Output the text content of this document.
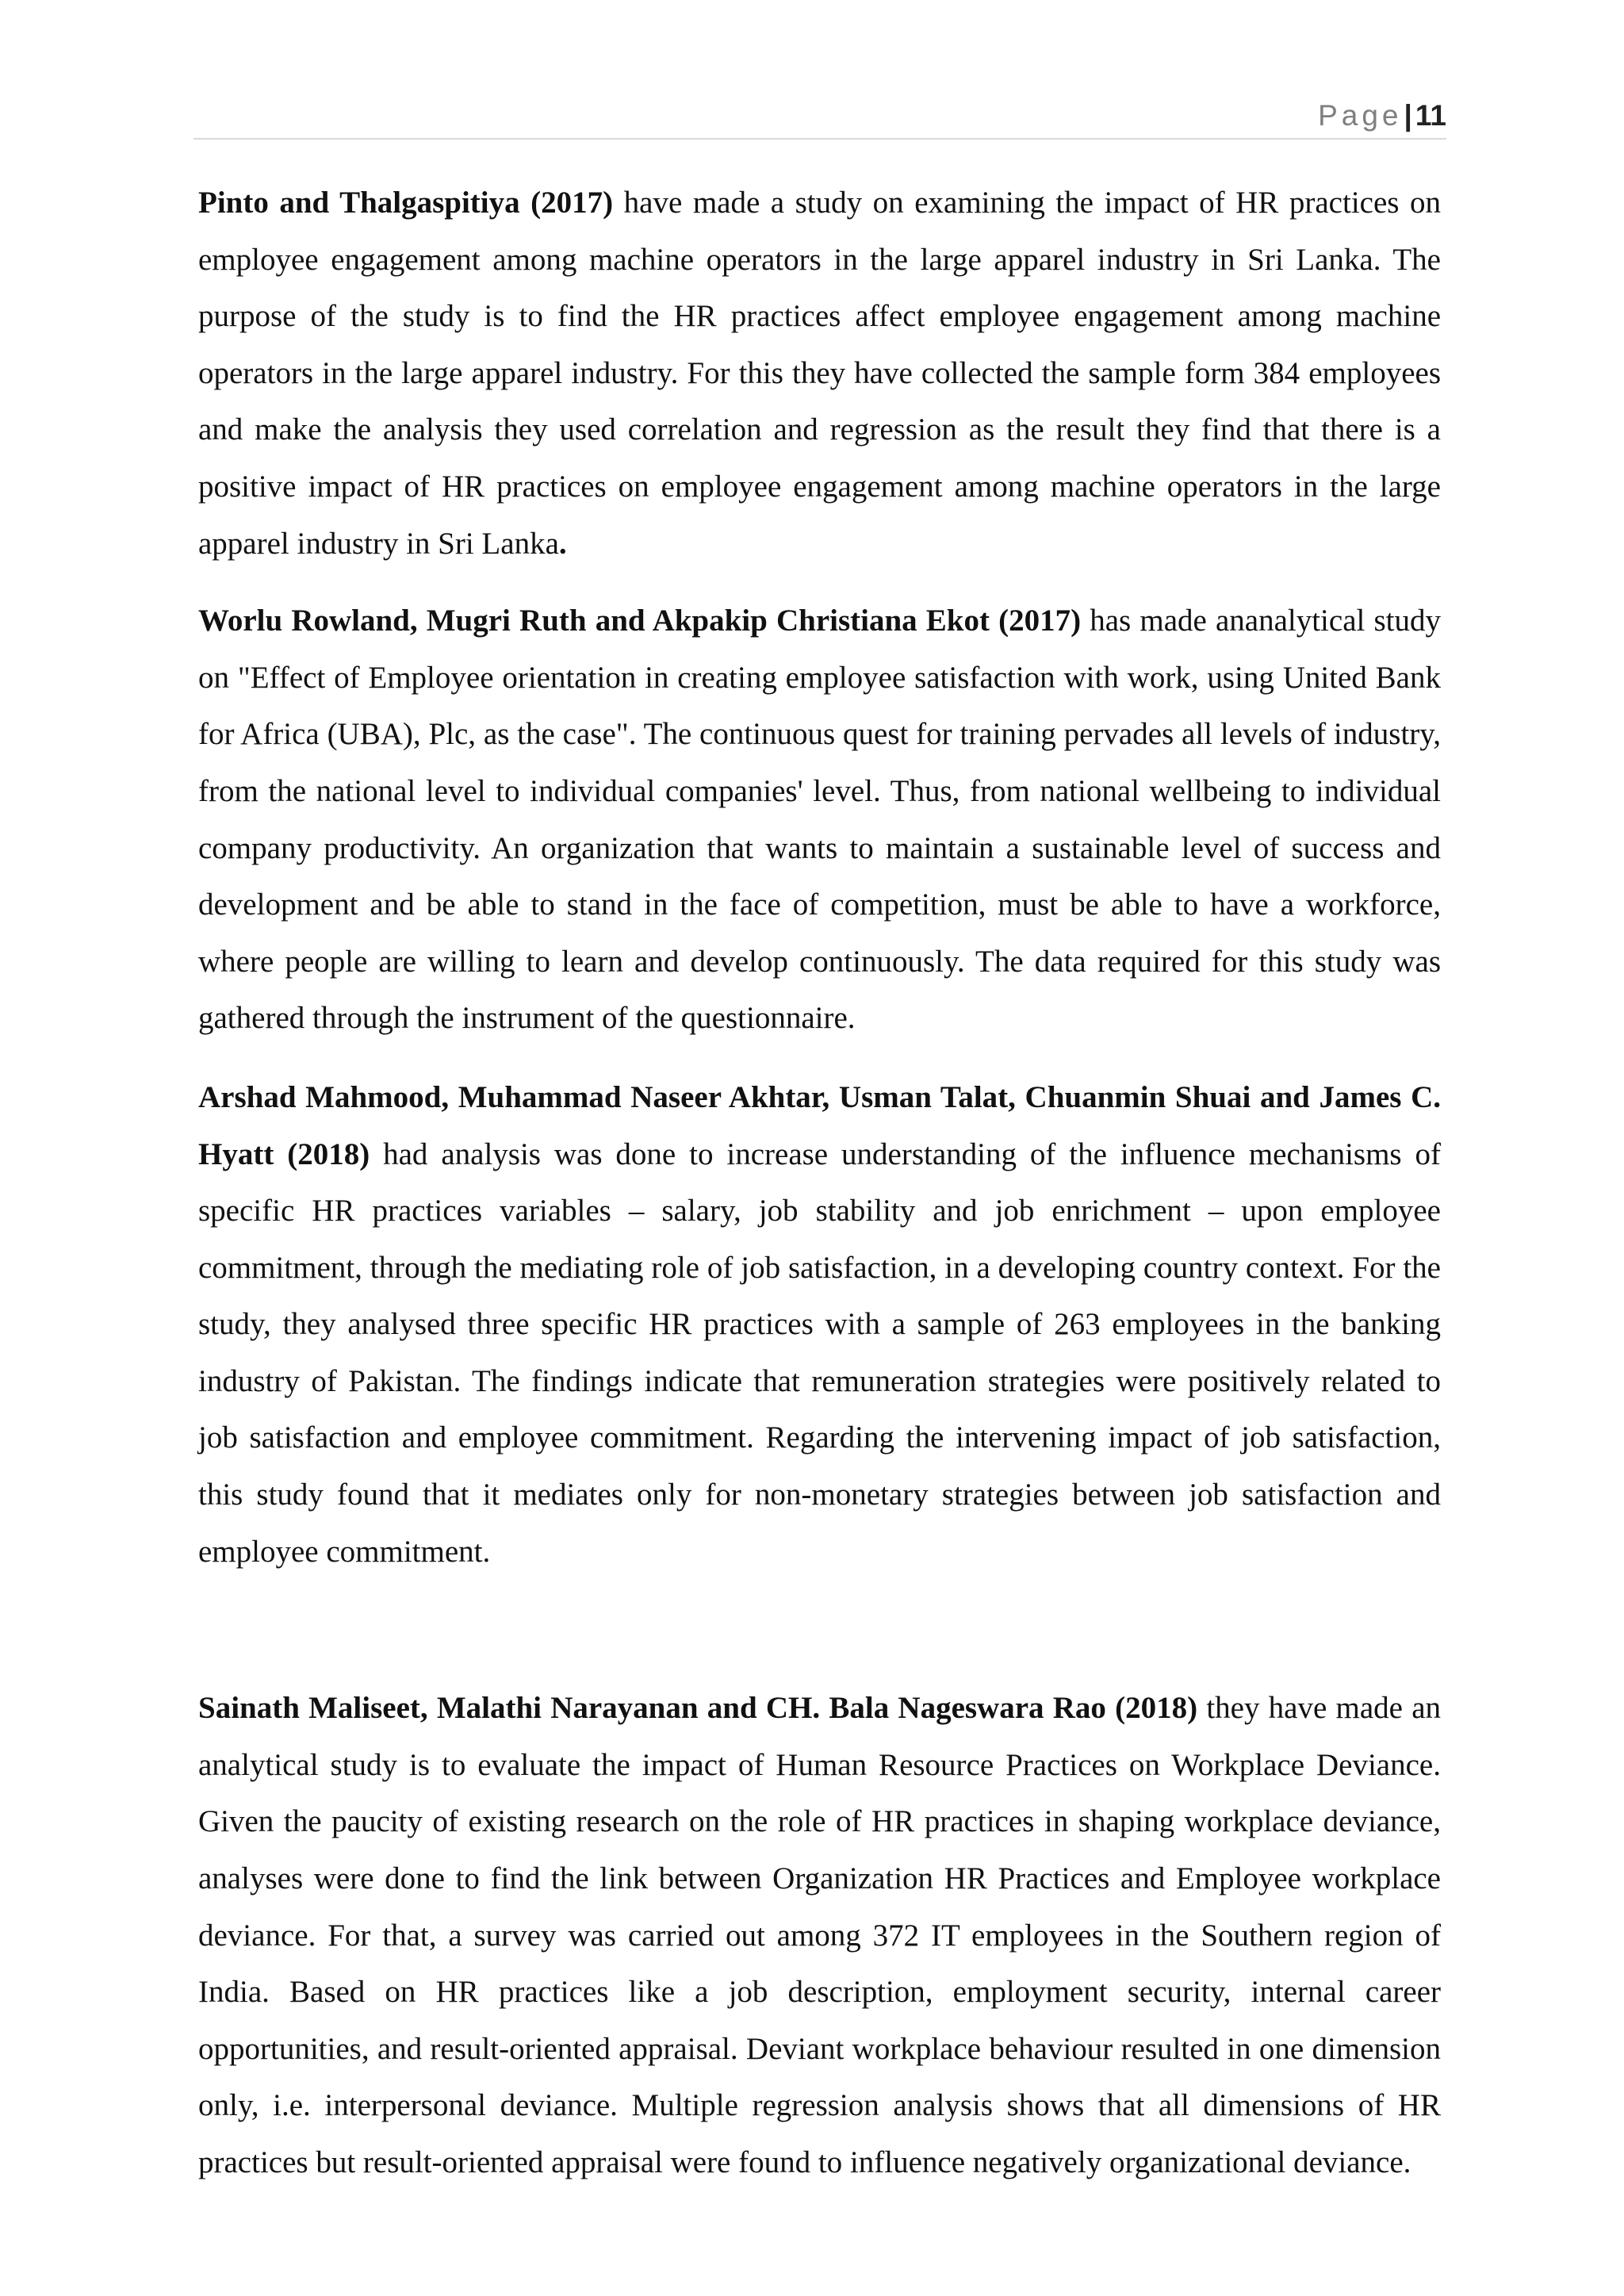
Page| 11

Pinto and Thalgaspitiya (2017) have made a study on examining the impact of HR practices on employee engagement among machine operators in the large apparel industry in Sri Lanka. The purpose of the study is to find the HR practices affect employee engagement among machine operators in the large apparel industry. For this they have collected the sample form 384 employees and make the analysis they used correlation and regression as the result they find that there is a positive impact of HR practices on employee engagement among machine operators in the large apparel industry in Sri Lanka.

Worlu Rowland, Mugri Ruth and Akpakip Christiana Ekot (2017) has made ananalytical study on "Effect of Employee orientation in creating employee satisfaction with work, using United Bank for Africa (UBA), Plc, as the case". The continuous quest for training pervades all levels of industry, from the national level to individual companies' level. Thus, from national wellbeing to individual company productivity. An organization that wants to maintain a sustainable level of success and development and be able to stand in the face of competition, must be able to have a workforce, where people are willing to learn and develop continuously. The data required for this study was gathered through the instrument of the questionnaire.

Arshad Mahmood, Muhammad Naseer Akhtar, Usman Talat, Chuanmin Shuai and James C. Hyatt (2018) had analysis was done to increase understanding of the influence mechanisms of specific HR practices variables – salary, job stability and job enrichment – upon employee commitment, through the mediating role of job satisfaction, in a developing country context. For the study, they analysed three specific HR practices with a sample of 263 employees in the banking industry of Pakistan. The findings indicate that remuneration strategies were positively related to job satisfaction and employee commitment. Regarding the intervening impact of job satisfaction, this study found that it mediates only for non-monetary strategies between job satisfaction and employee commitment.

Sainath Maliseet, Malathi Narayanan and CH. Bala Nageswara Rao (2018) they have made an analytical study is to evaluate the impact of Human Resource Practices on Workplace Deviance. Given the paucity of existing research on the role of HR practices in shaping workplace deviance, analyses were done to find the link between Organization HR Practices and Employee workplace deviance. For that, a survey was carried out among 372 IT employees in the Southern region of India. Based on HR practices like a job description, employment security, internal career opportunities, and result-oriented appraisal. Deviant workplace behaviour resulted in one dimension only, i.e. interpersonal deviance. Multiple regression analysis shows that all dimensions of HR practices but result-oriented appraisal were found to influence negatively organizational deviance.
